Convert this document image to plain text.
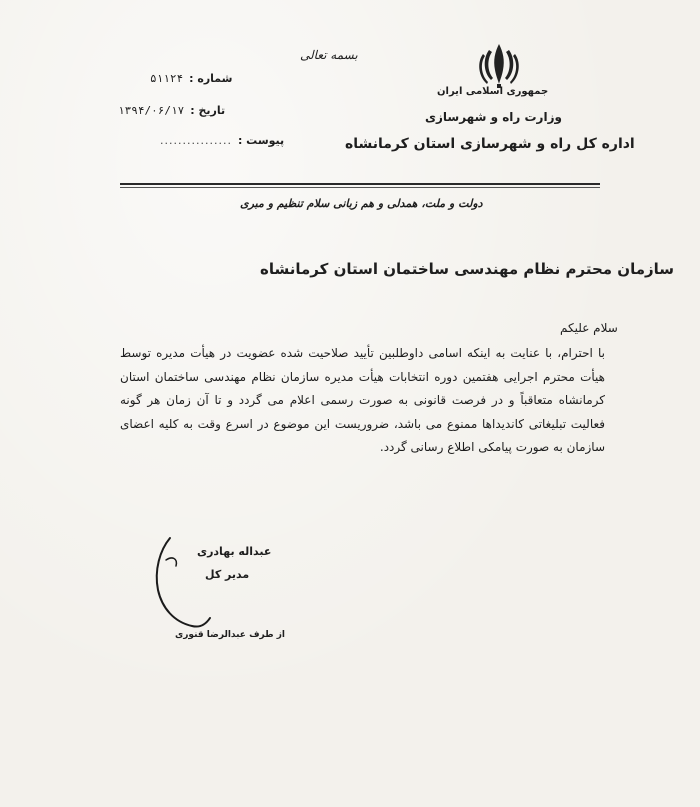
بسمه تعالی
جمهوری اسلامی ایران
وزارت راه و شهرسازی
اداره کل راه و شهرسازی استان کرمانشاه
شماره :
۵۱۱۲۴
تاریخ :
۱۳۹۴/۰۶/۱۷
پیوست :
................
دولت و ملت، همدلی و هم زبانی سلام تنظیم و مبری
سازمان محترم نظام مهندسی ساختمان استان کرمانشاه
سلام علیکم
با احترام، با عنایت به اینکه اسامی داوطلبین تأیید صلاحیت شده عضویت در هیأت مدیره توسط هیأت محترم اجرایی هفتمین دوره انتخابات هیأت مدیره سازمان نظام مهندسی ساختمان استان کرمانشاه متعاقباً و در فرصت قانونی به صورت رسمی اعلام می گردد و تا آن زمان هر گونه فعالیت تبلیغاتی کاندیداها ممنوع می باشد، ضروریست این موضوع در اسرع وقت به کلیه اعضای سازمان به صورت پیامکی اطلاع رسانی گردد.
عبداله بهادری
مدیر کل
از طرف عبدالرضا قنوری
